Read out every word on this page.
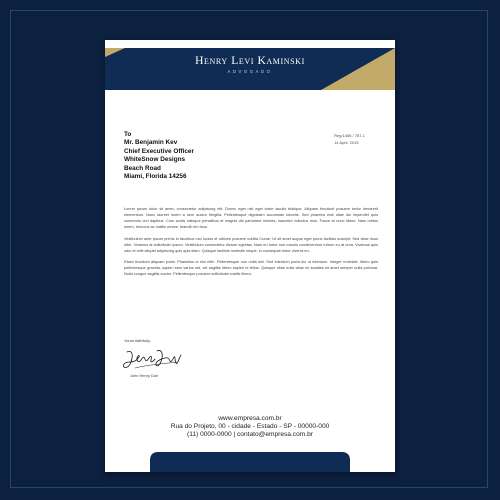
Henry Levi Kaminski
ADVOGADO
Reg:1456 / 787-1
14 April, 2015
To
Mr. Benjamin Kev
Chief Executive Officer
WhiteSnow Designs
Beach Road
Miami, Florida 14256

Lorem ipsum dolor sit amet, consectetur adipiscing elit. Donec eget nisi eget tortor iaculis tristique. Aliquam tincidunt posuere tortor hendrerit elementum. Nunc laoreet lorem a sem auctor fringilla. Pellentesque dignissim accumsan lobortis. Sed pharetra erat vitae dui imperdiet quis commodo orci dapibus. Cum sociis natoque penatibus et magnis dis parturient montes, nascetur ridiculus mus. Fusce at nunc libero. Nam metus lorem, rhoncus ac mattis ornare, blandit vel risus.

Vestibulum ante ipsum primis in faucibus orci luctus et ultrices posuere cubilia Curae; Ut sit amet augue eget purus facilisis suscipit. Sed vitae risus nibh. Vivamus at sollicitudin ipsum. Vestibulum consectetur dictum egestas. Nam eu tortor non mauris condimentum rutrum eu at urna. Vivamus quis odio et velit aliquet adipiscing quis quis diam. Quisque facilisis molestie neque, in consequat tortor viverra eu.

Etiam tincidunt aliquam porta. Phasellus ut nisi nibh. Pellentesque non nulla nisi. Sed interdum porta leo ut interdum. Integer molestie, libero quis pellentesque gravida, sapien sem varius est, vel sagittis libero sapien id tellus. Quisque vitae nulla vitae mi sodales sit amet semper nulla pulvinar. Nulla congue sagittis auctor. Pellentesque posuere sollicitudin mattis libero.

Yours faithfully,
John Henry Doe
www.empresa.com.br
Rua do Projeto, 00 - cidade - Estado - SP - 00000-000
(11) 0000-0000 | contato@empresa.com.br
